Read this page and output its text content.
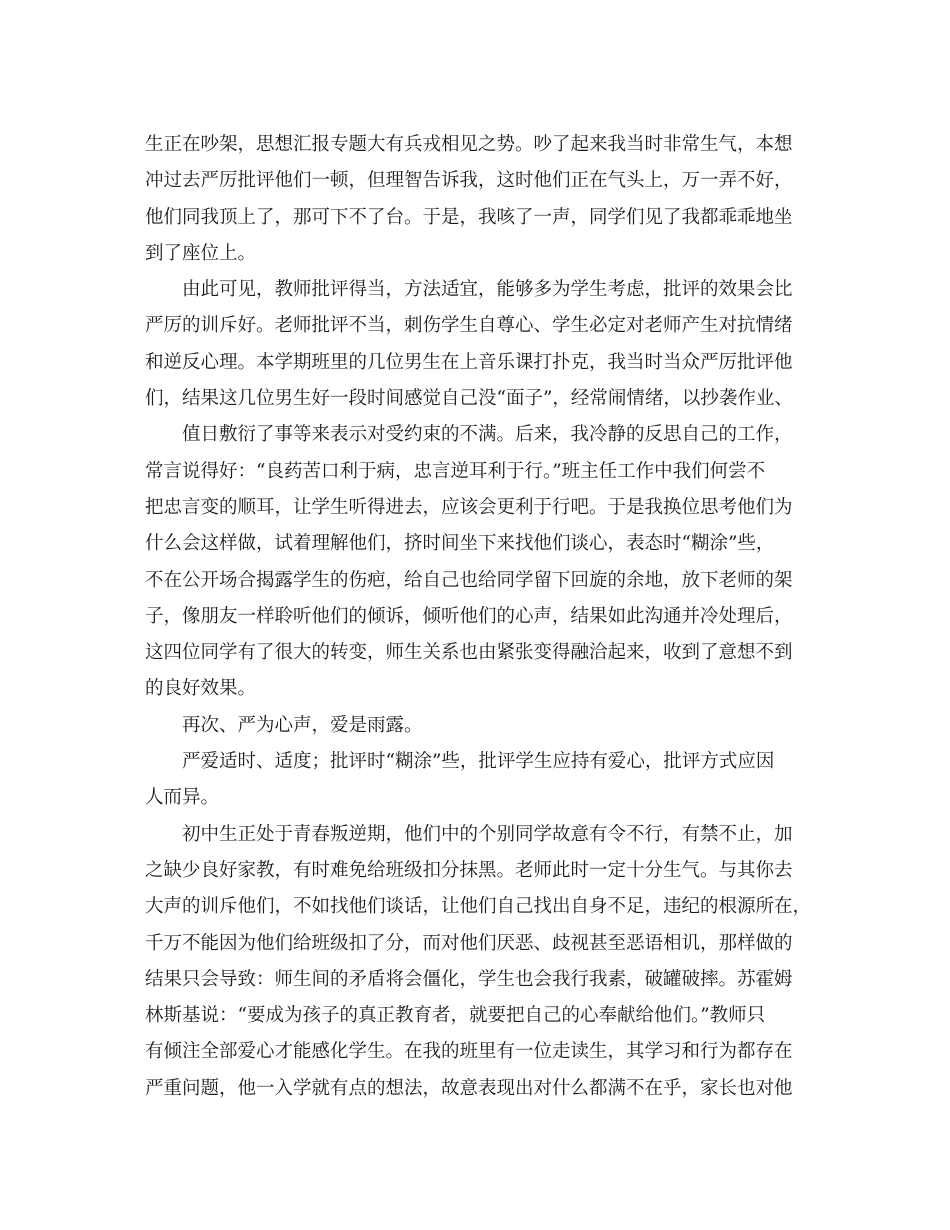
生正在吵架，思想汇报专题大有兵戎相见之势。吵了起来我当时非常生气，本想
冲过去严厉批评他们一顿，但理智告诉我，这时他们正在气头上，万一弄不好，
他们同我顶上了，那可下不了台。于是，我咳了一声，同学们见了我都乖乖地坐
到了座位上。
由此可见，教师批评得当，方法适宜，能够多为学生考虑，批评的效果会比
严厉的训斥好。老师批评不当，刺伤学生自尊心、学生必定对老师产生对抗情绪
和逆反心理。本学期班里的几位男生在上音乐课打扑克，我当时当众严厉批评他
们，结果这几位男生好一段时间感觉自己没“面子”，经常闹情绪，以抄袭作业、
值日敷衍了事等来表示对受约束的不满。后来，我冷静的反思自己的工作，
常言说得好：“良药苦口利于病，忠言逆耳利于行。”班主任工作中我们何尝不
把忠言变的顺耳，让学生听得进去，应该会更利于行吧。于是我换位思考他们为
什么会这样做，试着理解他们，挤时间坐下来找他们谈心，表态时“糊涂”些，
不在公开场合揭露学生的伤疤，给自己也给同学留下回旋的余地，放下老师的架
子，像朋友一样聆听他们的倾诉，倾听他们的心声，结果如此沟通并冷处理后，
这四位同学有了很大的转变，师生关系也由紧张变得融洽起来，收到了意想不到
的良好效果。
再次、严为心声，爱是雨露。
严爱适时、适度；批评时“糊涂”些，批评学生应持有爱心，批评方式应因
人而异。
初中生正处于青春叛逆期，他们中的个别同学故意有令不行，有禁不止，加
之缺少良好家教，有时难免给班级扣分抹黑。老师此时一定十分生气。与其你去
大声的训斥他们，不如找他们谈话，让他们自己找出自身不足，违纪的根源所在，
千万不能因为他们给班级扣了分，而对他们厌恶、歧视甚至恶语相讥，那样做的
结果只会导致：师生间的矛盾将会僵化，学生也会我行我素，破罐破摔。苏霍姆
林斯基说：“要成为孩子的真正教育者，就要把自己的心奉献给他们。”教师只
有倾注全部爱心才能感化学生。在我的班里有一位走读生，其学习和行为都存在
严重问题，他一入学就有点的想法，故意表现出对什么都满不在乎，家长也对他
